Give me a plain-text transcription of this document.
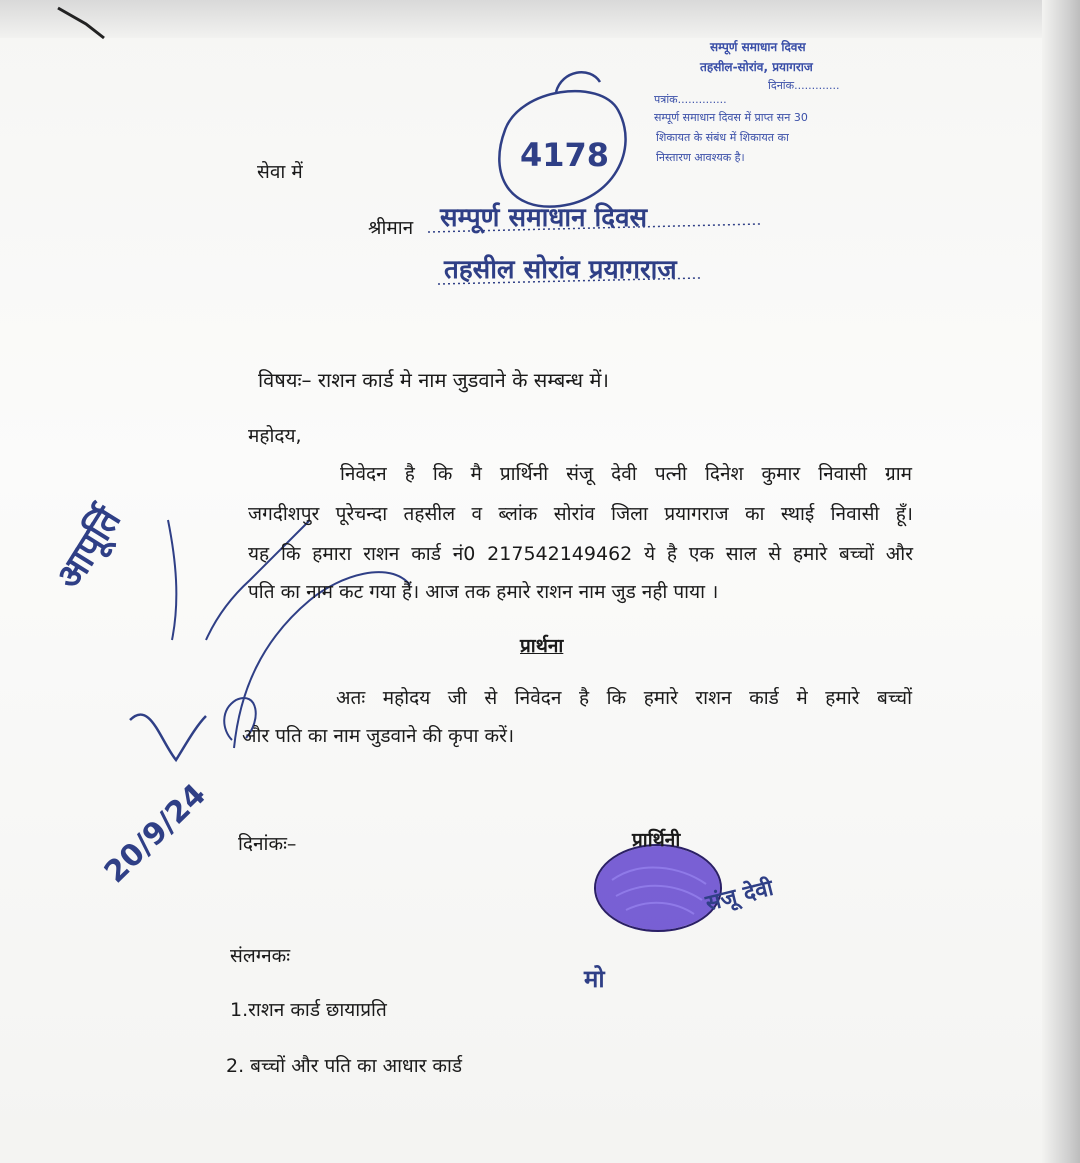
सम्पूर्ण समाधान दिवस
तहसील-सोरांव, प्रयागराज
दिनांक.............
पत्रांक..............
सम्पूर्ण समाधान दिवस में प्राप्त सन 30
शिकायत के संबंध में शिकायत का
निस्तारण आवश्यक है।
4178
सेवा में
श्रीमान सम्पूर्ण समाधान दिवस
तहसील सोरांव प्रयागराज
विषयः– राशन कार्ड मे नाम जुडवाने के सम्बन्ध में।
महोदय,
निवेदन है कि मै प्रार्थिनी संजू देवी पत्नी दिनेश कुमार निवासी ग्राम
जगदीशपुर पूरेचन्दा तहसील व ब्लांक सोरांव जिला प्रयागराज का स्थाई निवासी हूँ।
यह कि हमारा राशन कार्ड नं0 217542149462 ये है एक साल से हमारे बच्चों और
पति का नाम कट गया हैं। आज तक हमारे राशन नाम जुड नही पाया ।
प्रार्थना
अतः महोदय जी से निवेदन है कि हमारे राशन कार्ड मे हमारे बच्चों
और पति का नाम जुडवाने की कृपा करें।
दिनांकः–	प्रार्थिनी
संजू देवी
मो
आपूर्ति
20/9/24
संलग्नकः
1.राशन कार्ड छायाप्रति
2. बच्चों और पति का आधार कार्ड
